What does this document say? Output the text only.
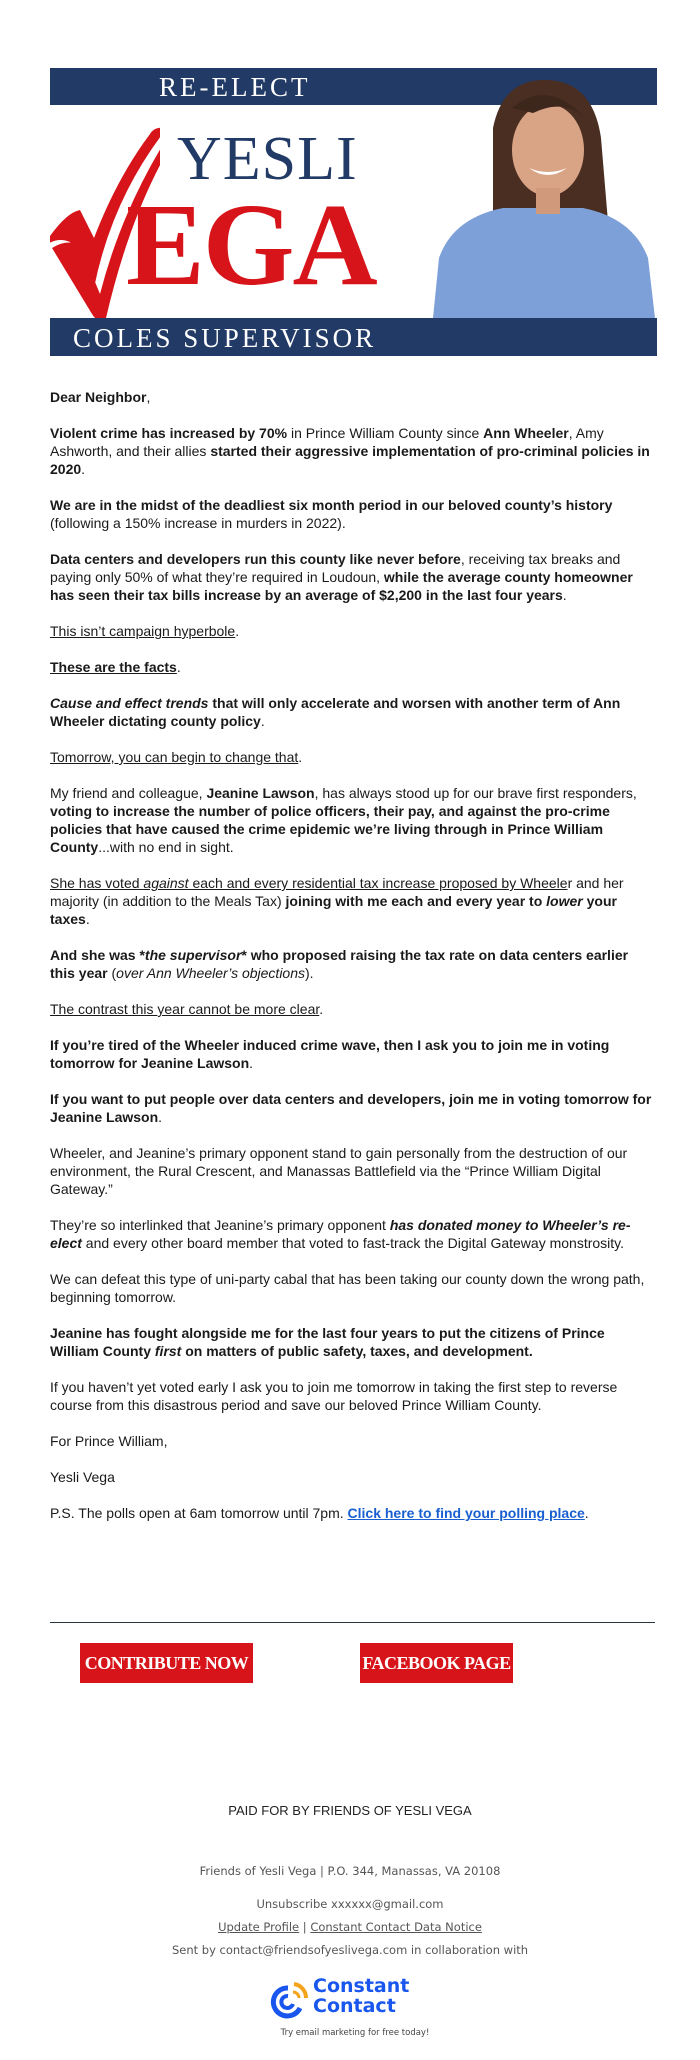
RE-ELECT
YESLI
EGA
COLES SUPERVISOR

Dear Neighbor,

Violent crime has increased by 70% in Prince William County since Ann Wheeler, Amy Ashworth, and their allies started their aggressive implementation of pro-criminal policies in 2020.

We are in the midst of the deadliest six month period in our beloved county’s history (following a 150% increase in murders in 2022).

Data centers and developers run this county like never before, receiving tax breaks and paying only 50% of what they’re required in Loudoun, while the average county homeowner has seen their tax bills increase by an average of $2,200 in the last four years.

This isn’t campaign hyperbole.

These are the facts.

Cause and effect trends that will only accelerate and worsen with another term of Ann Wheeler dictating county policy.

Tomorrow, you can begin to change that.

My friend and colleague, Jeanine Lawson, has always stood up for our brave first responders, voting to increase the number of police officers, their pay, and against the pro-crime policies that have caused the crime epidemic we’re living through in Prince William County...with no end in sight.

She has voted against each and every residential tax increase proposed by Wheeler and her majority (in addition to the Meals Tax) joining with me each and every year to lower your taxes.

And she was *the supervisor* who proposed raising the tax rate on data centers earlier this year (over Ann Wheeler’s objections).

The contrast this year cannot be more clear.

If you’re tired of the Wheeler induced crime wave, then I ask you to join me in voting tomorrow for Jeanine Lawson.

If you want to put people over data centers and developers, join me in voting tomorrow for Jeanine Lawson.

Wheeler, and Jeanine’s primary opponent stand to gain personally from the destruction of our environment, the Rural Crescent, and Manassas Battlefield via the “Prince William Digital Gateway.”

They’re so interlinked that Jeanine’s primary opponent has donated money to Wheeler’s re-elect and every other board member that voted to fast-track the Digital Gateway monstrosity.

We can defeat this type of uni-party cabal that has been taking our county down the wrong path, beginning tomorrow.

Jeanine has fought alongside me for the last four years to put the citizens of Prince William County first on matters of public safety, taxes, and development.

If you haven’t yet voted early I ask you to join me tomorrow in taking the first step to reverse course from this disastrous period and save our beloved Prince William County.

For Prince William,

Yesli Vega

P.S. The polls open at 6am tomorrow until 7pm. Click here to find your polling place.

CONTRIBUTE NOW	FACEBOOK PAGE
PAID FOR BY FRIENDS OF YESLI VEGA
Friends of Yesli Vega | P.O. 344, Manassas, VA 20108
Unsubscribe xxxxxx@gmail.com
Update Profile | Constant Contact Data Notice
Sent by contact@friendsofyeslivega.com in collaboration with
Constant
Contact
Try email marketing for free today!
